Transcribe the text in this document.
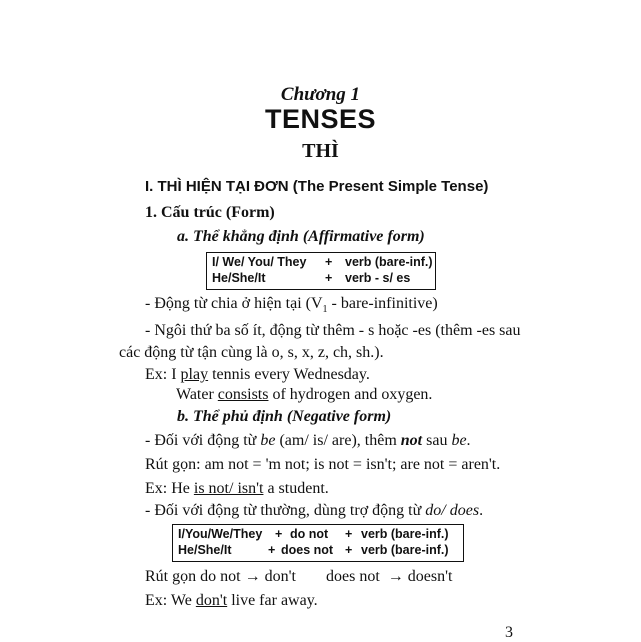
Chương 1
TENSES
THÌ
I. THÌ HIỆN TẠI ĐƠN (The Present Simple Tense)
1. Cấu trúc (Form)
a. Thể khẳng định (Affirmative form)
I/ We/ You/ They + verb (bare-inf.)
He/She/It	+ verb - s/ es
- Động từ chia ở hiện tại ($V_1$ - bare-infinitive)
- Ngôi thứ ba số ít, động từ thêm - s hoặc -es (thêm -es sau
các động từ tận cùng là o, s, x, z, ch, sh.).
Ex: I play tennis every Wednesday.
Water consists of hydrogen and oxygen.
b. Thể phủ định (Negative form)
- Đối với động từ be (am/ is/ are), thêm not sau be.
Rút gọn: am not = 'm not; is not = isn't; are not = aren't.
Ex: He is not/ isn't a student.
- Đối với động từ thường, dùng trợ động từ do/ does.
I/You/We/They + do not + verb (bare-inf.)
He/She/It	+ does not + verb (bare-inf.)
Rút gọn do not → don't does not → doesn't
Ex: We don't live far away.
3
